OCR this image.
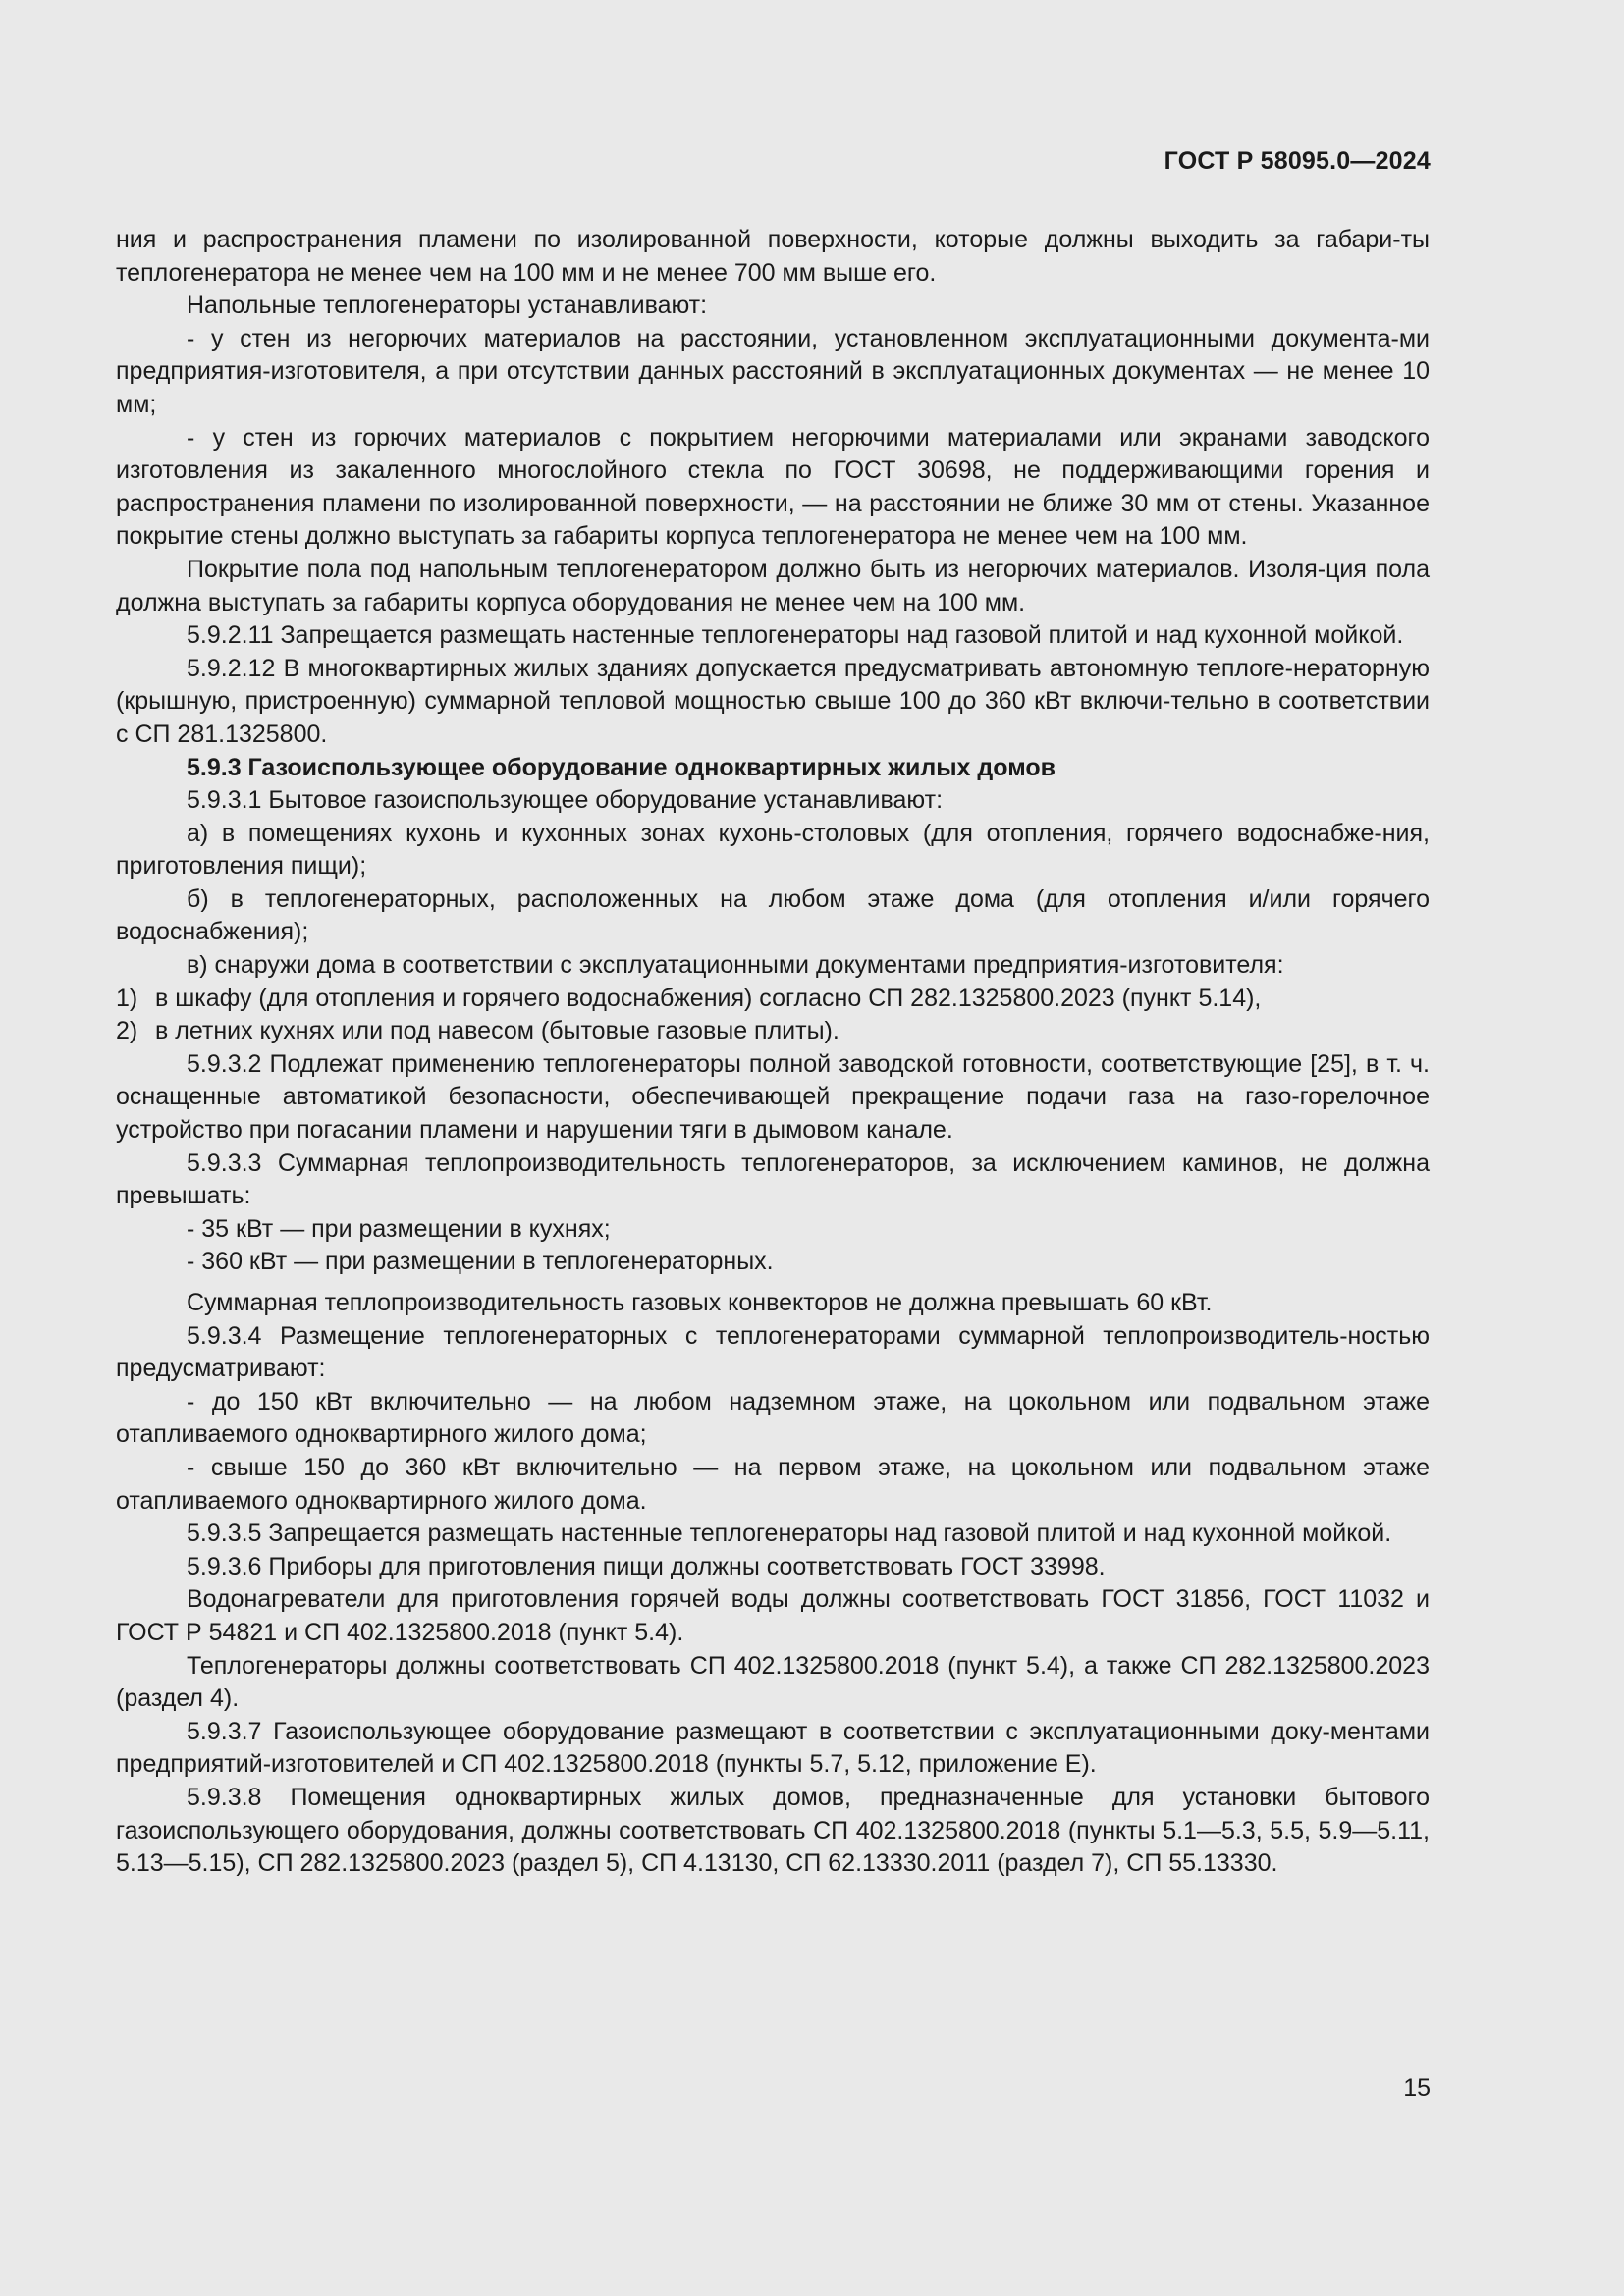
ГОСТ Р 58095.0—2024

ния и распространения пламени по изолированной поверхности, которые должны выходить за габари-ты теплогенератора не менее чем на 100 мм и не менее 700 мм выше его.

Напольные теплогенераторы устанавливают:

- у стен из негорючих материалов на расстоянии, установленном эксплуатационными документа-ми предприятия-изготовителя, а при отсутствии данных расстояний в эксплуатационных документах — не менее 10 мм;

- у стен из горючих материалов с покрытием негорючими материалами или экранами заводского изготовления из закаленного многослойного стекла по ГОСТ 30698, не поддерживающими горения и распространения пламени по изолированной поверхности, — на расстоянии не ближе 30 мм от стены. Указанное покрытие стены должно выступать за габариты корпуса теплогенератора не менее чем на 100 мм.

Покрытие пола под напольным теплогенератором должно быть из негорючих материалов. Изоля-ция пола должна выступать за габариты корпуса оборудования не менее чем на 100 мм.

5.9.2.11 Запрещается размещать настенные теплогенераторы над газовой плитой и над кухонной мойкой.

5.9.2.12 В многоквартирных жилых зданиях допускается предусматривать автономную теплоге-нераторную (крышную, пристроенную) суммарной тепловой мощностью свыше 100 до 360 кВт включи-тельно в соответствии с СП 281.1325800.

5.9.3 Газоиспользующее оборудование одноквартирных жилых домов

5.9.3.1 Бытовое газоиспользующее оборудование устанавливают:

а) в помещениях кухонь и кухонных зонах кухонь-столовых (для отопления, горячего водоснабже-ния, приготовления пищи);

б) в теплогенераторных, расположенных на любом этаже дома (для отопления и/или горячего водоснабжения);

в) снаружи дома в соответствии с эксплуатационными документами предприятия-изготовителя:

1) в шкафу (для отопления и горячего водоснабжения) согласно СП 282.1325800.2023 (пункт 5.14),

2) в летних кухнях или под навесом (бытовые газовые плиты).

5.9.3.2 Подлежат применению теплогенераторы полной заводской готовности, соответствующие [25], в т. ч. оснащенные автоматикой безопасности, обеспечивающей прекращение подачи газа на газо-горелочное устройство при погасании пламени и нарушении тяги в дымовом канале.

5.9.3.3 Суммарная теплопроизводительность теплогенераторов, за исключением каминов, не должна превышать:

- 35 кВт — при размещении в кухнях;

- 360 кВт — при размещении в теплогенераторных.

Суммарная теплопроизводительность газовых конвекторов не должна превышать 60 кВт.

5.9.3.4 Размещение теплогенераторных с теплогенераторами суммарной теплопроизводитель-ностью предусматривают:

- до 150 кВт включительно — на любом надземном этаже, на цокольном или подвальном этаже отапливаемого одноквартирного жилого дома;

- свыше 150 до 360 кВт включительно — на первом этаже, на цокольном или подвальном этаже отапливаемого одноквартирного жилого дома.

5.9.3.5 Запрещается размещать настенные теплогенераторы над газовой плитой и над кухонной мойкой.

5.9.3.6 Приборы для приготовления пищи должны соответствовать ГОСТ 33998.

Водонагреватели для приготовления горячей воды должны соответствовать ГОСТ 31856, ГОСТ 11032 и ГОСТ Р 54821 и СП 402.1325800.2018 (пункт 5.4).

Теплогенераторы должны соответствовать СП 402.1325800.2018 (пункт 5.4), а также СП 282.1325800.2023 (раздел 4).

5.9.3.7 Газоиспользующее оборудование размещают в соответствии с эксплуатационными доку-ментами предприятий-изготовителей и СП 402.1325800.2018 (пункты 5.7, 5.12, приложение Е).

5.9.3.8 Помещения одноквартирных жилых домов, предназначенные для установки бытового газоиспользующего оборудования, должны соответствовать СП 402.1325800.2018 (пункты 5.1—5.3, 5.5, 5.9—5.11, 5.13—5.15), СП 282.1325800.2023 (раздел 5), СП 4.13130, СП 62.13330.2011 (раздел 7), СП 55.13330.

15
